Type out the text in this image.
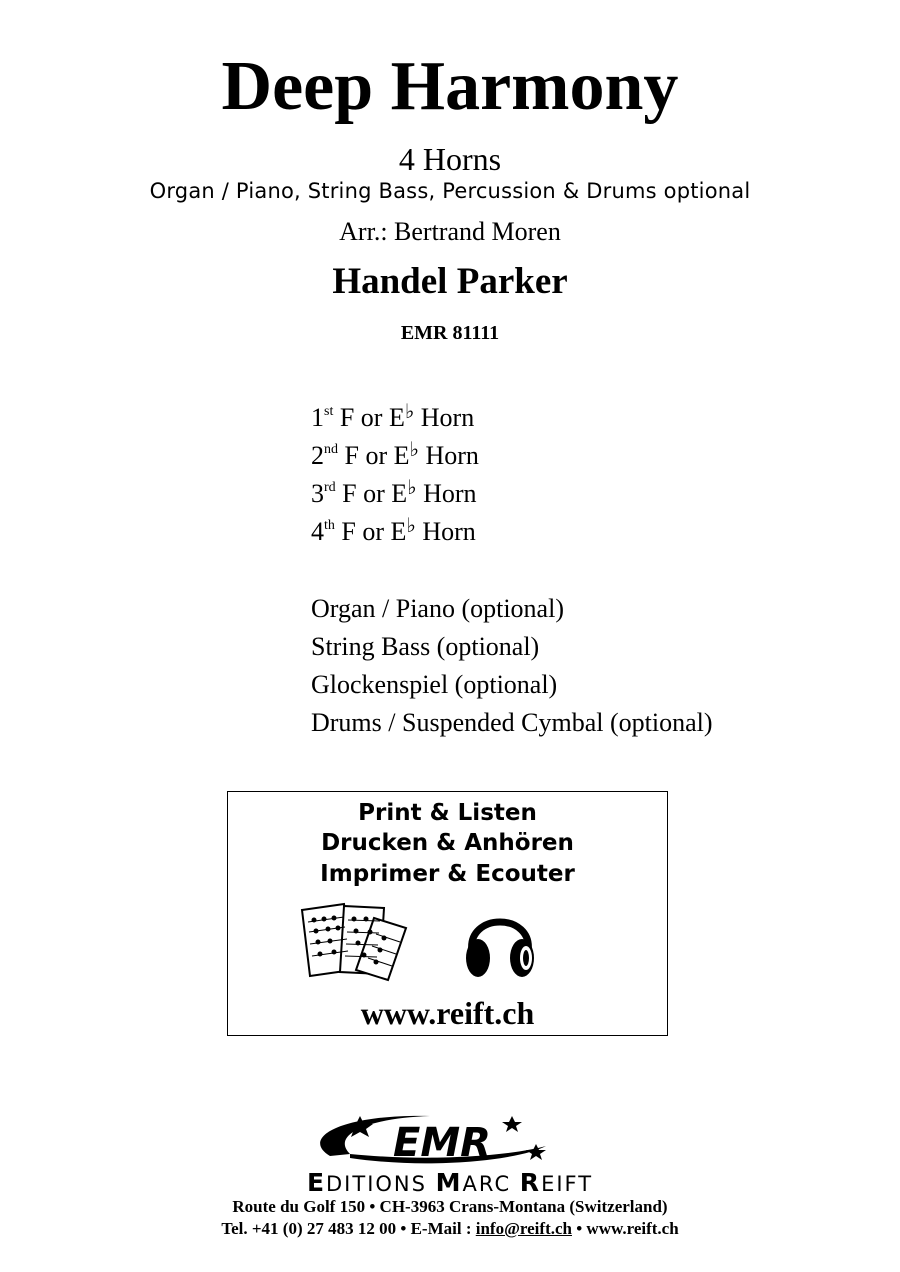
Deep Harmony
4 Horns
Organ / Piano, String Bass, Percussion & Drums optional
Arr.: Bertrand Moren
Handel Parker
EMR 81111
1st F or E♭ Horn
2nd F or E♭ Horn
3rd F or E♭ Horn
4th F or E♭ Horn
Organ / Piano (optional)
String Bass (optional)
Glockenspiel (optional)
Drums / Suspended Cymbal (optional)
Print & Listen
Drucken & Anhören
Imprimer & Ecouter
www.reift.ch
EMR
EDITIONS MARC REIFT
Route du Golf 150 • CH-3963 Crans-Montana (Switzerland)
Tel. +41 (0) 27 483 12 00 • E-Mail : info@reift.ch • www.reift.ch
